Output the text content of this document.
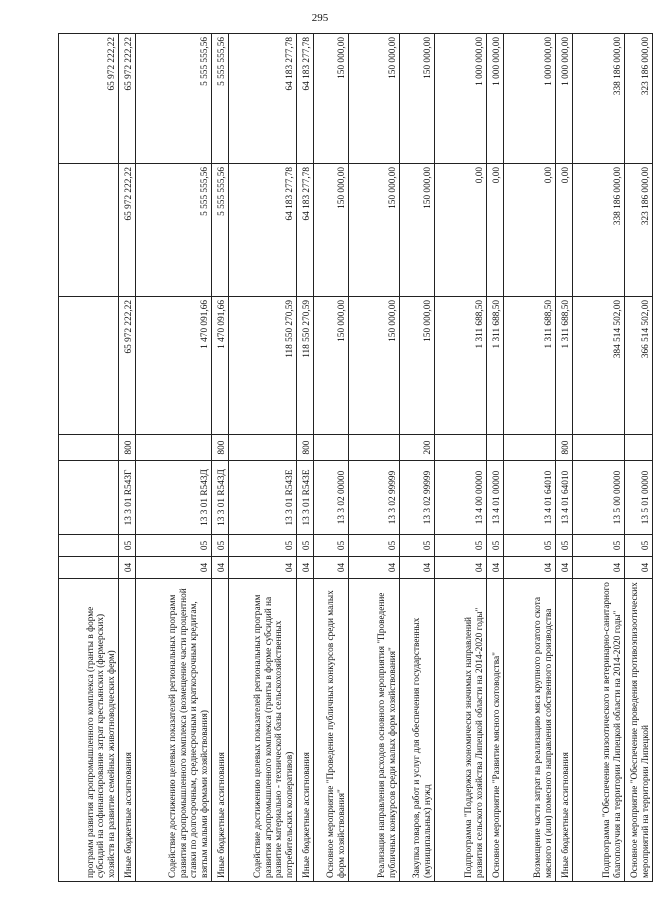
295
программ развития агропромышленного комплекса (гранты в форме субсидий на софинансирование затрат крестьянских (фермерских) хозяйств на развитие семейных животноводческих ферм)							65 972 222,22
Иные бюджетные ассигнования	04	05	13 3 01 R543Г	800	65 972 222,22	65 972 222,22	65 972 222,22
Содействие достижению целевых показателей региональных программ развития агропромышленного комплекса (возмещение части процентной ставки по долгосрочным, среднесрочным и краткосрочным кредитам, взятым малыми формами хозяйствования)	04	05	13 3 01 R543Д		1 470 091,66	5 555 555,56	5 555 555,56
Иные бюджетные ассигнования	04	05	13 3 01 R543Д	800	1 470 091,66	5 555 555,56	5 555 555,56
Содействие достижению целевых показателей региональных программ развития агропромышленного комплекса (гранты в форме субсидий на развитие материально - технической базы сельскохозяйственных потребительских кооперативов)	04	05	13 3 01 R543Е		118 550 270,59	64 183 277,78	64 183 277,78
Иные бюджетные ассигнования	04	05	13 3 01 R543Е	800	118 550 270,59	64 183 277,78	64 183 277,78
Основное мероприятие "Проведение публичных конкурсов среди малых форм хозяйствования"	04	05	13 3 02 00000		150 000,00	150 000,00	150 000,00
Реализация направления расходов основного мероприятия "Проведение публичных конкурсов среди малых форм хозяйствования"	04	05	13 3 02 99999		150 000,00	150 000,00	150 000,00
Закупка товаров, работ и услуг для обеспечения государственных (муниципальных) нужд	04	05	13 3 02 99999	200	150 000,00	150 000,00	150 000,00
Подпрограмма "Поддержка экономически значимых направлений развития сельского хозяйства Липецкой области на 2014-2020 годы"	04	05	13 4 00 00000		1 311 688,50	0,00	1 000 000,00
Основное мероприятие "Развитие мясного скотоводства"	04	05	13 4 01 00000		1 311 688,50	0,00	1 000 000,00
Возмещение части затрат на реализацию мяса крупного рогатого скота мясного и (или) помесного направления собственного производства	04	05	13 4 01 64010		1 311 688,50	0,00	1 000 000,00
Иные бюджетные ассигнования	04	05	13 4 01 64010	800	1 311 688,50	0,00	1 000 000,00
Подпрограмма "Обеспечение эпизоотического и ветеринарно-санитарного благополучия на территории Липецкой области на 2014-2020 годы"	04	05	13 5 00 00000		384 514 502,00	338 186 000,00	338 186 000,00
Основное мероприятие "Обеспечение проведения противоэпизоотических мероприятий на территории Липецкой	04	05	13 5 01 00000		366 514 502,00	323 186 000,00	323 186 000,00
